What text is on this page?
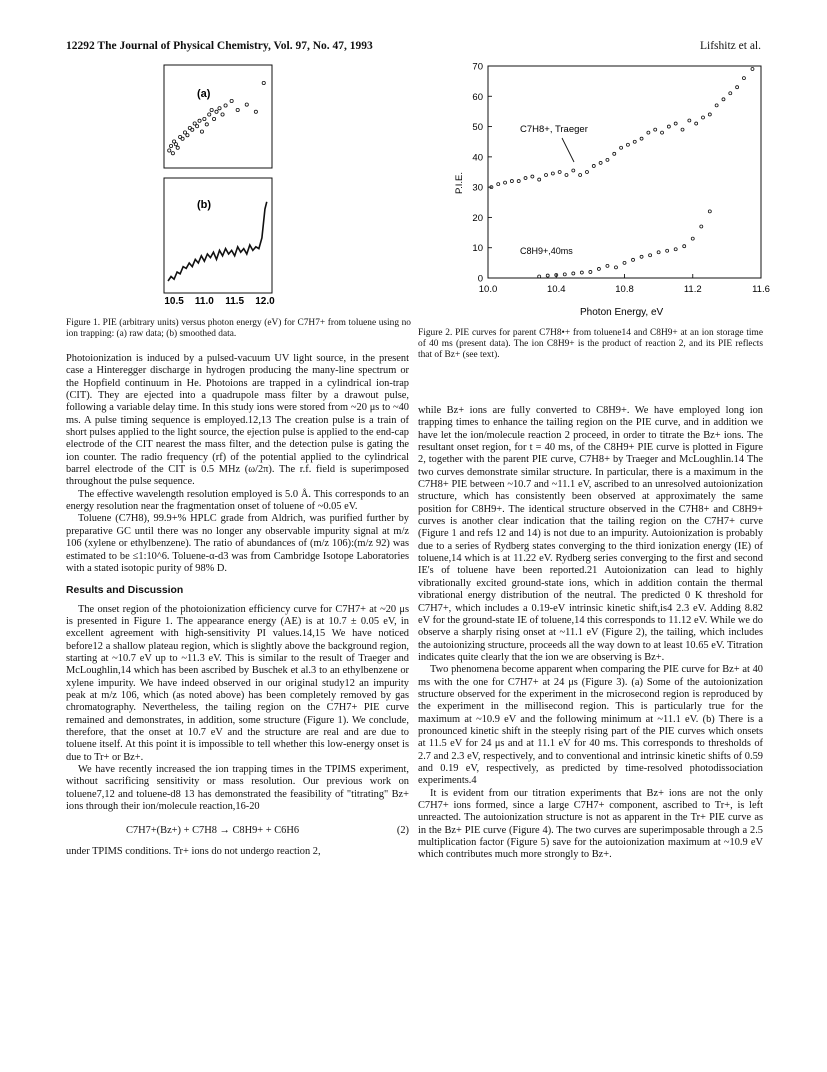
12292 The Journal of Physical Chemistry, Vol. 97, No. 47, 1993	Lifshitz et al.
(a)
(b)
10.5 11.0 11.5 12.0
Figure 1. PIE (arbitrary units) versus photon energy (eV) for C7H7+ from toluene using no ion trapping: (a) raw data; (b) smoothed data.
0
10
20
30
40
50
60
70
10.0	10.4	10.8	11.2	11.6
P.I.E.
Photon Energy, eV
C7H8+, Traeger
C8H9+,40ms
Figure 2. PIE curves for parent C7H8•+ from toluene14 and C8H9+ at an ion storage time of 40 ms (present data). The ion C8H9+ is the product of reaction 2, and its PIE reflects that of Bz+ (see text).

Photoionization is induced by a pulsed-vacuum UV light source, in the present case a Hinteregger discharge in hydrogen producing the many-line spectrum or the Hopfield continuum in He. Photoions are trapped in a cylindrical ion-trap (CIT). They are ejected into a quadrupole mass filter by a drawout pulse, following a variable delay time. In this study ions were stored from ~20 μs to ~40 ms. A pulse timing sequence is employed.12,13 The creation pulse is a train of short pulses applied to the light source, the ejection pulse is applied to the end-cap electrode of the CIT nearest the mass filter, and the detection pulse is gating the ion counter. The radio frequency (rf) of the potential applied to the cylindrical barrel electrode of the CIT is 0.5 MHz (ω/2π). The r.f. field is superimposed throughout the pulse sequence.

The effective wavelength resolution employed is 5.0 Å. This corresponds to an energy resolution near the fragmentation onset of toluene of ~0.05 eV.

Toluene (C7H8), 99.9+% HPLC grade from Aldrich, was purified further by preparative GC until there was no longer any observable impurity signal at m/z 106 (xylene or ethylbenzene). The ratio of abundances of (m/z 106):(m/z 92) was estimated to be ≤1:10^6. Toluene-α-d3 was from Cambridge Isotope Laboratories with a stated isotopic purity of 98% D.

Results and Discussion

The onset region of the photoionization efficiency curve for C7H7+ at ~20 μs is presented in Figure 1. The appearance energy (AE) is at 10.7 ± 0.05 eV, in excellent agreement with high-sensitivity PI values.14,15 We have noticed before12 a shallow plateau region, which is slightly above the background region, starting at ~10.7 eV up to ~11.3 eV. This is similar to the result of Traeger and McLoughlin,14 which has been ascribed by Buschek et al.3 to an ethylbenzene or xylene impurity. We have indeed observed in our original study12 an impurity peak at m/z 106, which (as noted above) has been completely removed by gas chromatography. Nevertheless, the tailing region on the C7H7+ PIE curve remained and demonstrates, in addition, some structure (Figure 1). We conclude, therefore, that the onset at 10.7 eV and the structure are real and are due to toluene itself. At this point it is impossible to tell whether this low-energy onset is due to Tr+ or Bz+.

We have recently increased the ion trapping times in the TPIMS experiment, without sacrificing sensitivity or mass resolution. Our previous work on toluene7,12 and toluene-d8 13 has demonstrated the feasibility of "titrating" Bz+ ions through their ion/molecule reaction,16-20

C7H7+(Bz+) + C7H8 → C8H9+ + C6H6	(2)

under TPIMS conditions. Tr+ ions do not undergo reaction 2,

while Bz+ ions are fully converted to C8H9+. We have employed long ion trapping times to enhance the tailing region on the PIE curve, and in addition we have let the ion/molecule reaction 2 proceed, in order to titrate the Bz+ ions. The resultant onset region, for t = 40 ms, of the C8H9+ PIE curve is plotted in Figure 2, together with the parent PIE curve, C7H8+ by Traeger and McLoughlin.14 The two curves demonstrate similar structure. In particular, there is a maximum in the C7H8+ PIE between ~10.7 and ~11.1 eV, ascribed to an unresolved autoionization structure, which has consistently been observed at approximately the same position for C8H9+. The identical structure observed in the C7H8+ and C8H9+ curves is another clear indication that the tailing region on the C7H7+ curve (Figure 1 and refs 12 and 14) is not due to an impurity. Autoionization is probably due to a series of Rydberg states converging to the third ionization energy (IE) of toluene,14 which is at 11.22 eV. Rydberg series converging to the first and second IE's of toluene have been reported.21 Autoionization can lead to highly vibrationally excited ground-state ions, which in addition contain the thermal vibrational energy distribution of the neutral. The predicted 0 K threshold for C7H7+, which includes a 0.19-eV intrinsic kinetic shift,is4 2.3 eV. Adding 8.82 eV for the ground-state IE of toluene,14 this corresponds to 11.12 eV. While we do observe a sharply rising onset at ~11.1 eV (Figure 2), the tailing, which includes the autoionizing structure, proceeds all the way down to at least 10.65 eV. Titration indicates quite clearly that the ion we are observing is Bz+.

Two phenomena become apparent when comparing the PIE curve for Bz+ at 40 ms with the one for C7H7+ at 24 μs (Figure 3). (a) Some of the autoionization structure observed for the experiment in the microsecond region is reproduced by the experiment in the millisecond region. This is particularly true for the maximum at ~10.9 eV and the following minimum at ~11.1 eV. (b) There is a pronounced kinetic shift in the steeply rising part of the PIE curves which onsets at 11.5 eV for 24 μs and at 11.1 eV for 40 ms. This corresponds to thresholds of 2.7 and 2.3 eV, respectively, and to conventional and intrinsic kinetic shifts of 0.59 and 0.19 eV, respectively, as predicted by time-resolved photodissociation experiments.4

It is evident from our titration experiments that Bz+ ions are not the only C7H7+ ions formed, since a large C7H7+ component, ascribed to Tr+, is left unreacted. The autoionization structure is not as apparent in the Tr+ PIE curve as in the Bz+ PIE curve (Figure 4). The two curves are superimposable through a 2.5 multiplication factor (Figure 5) save for the autoionization maximum at ~10.9 eV which contributes much more strongly to Bz+.
